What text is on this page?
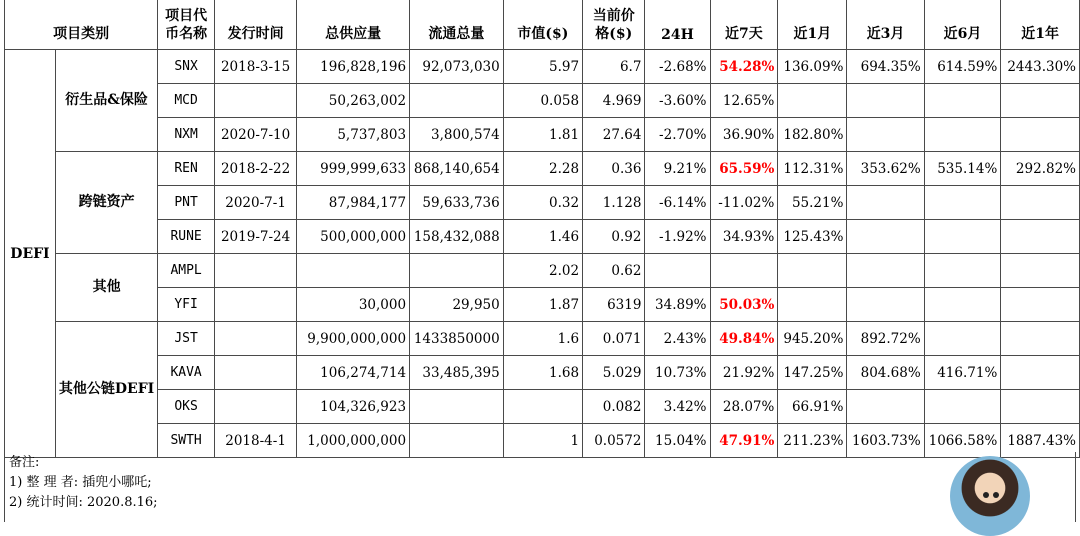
项目类别		项目代币名称	发行时间	总供应量	流通总量	市值($)	当前价格($)	24H	近7天	近1月	近3月	近6月	近1年
DEFI	衍生品&保险	SNX	2018-3-15	196,828,196	92,073,030	5.97	6.7	-2.68%	54.28%	136.09%	694.35%	614.59%	2443.30%
		MCD		50,263,002		0.058	4.969	-3.60%	12.65%				
		NXM	2020-7-10	5,737,803	3,800,574	1.81	27.64	-2.70%	36.90%	182.80%			
	跨链资产	REN	2018-2-22	999,999,633	868,140,654	2.28	0.36	9.21%	65.59%	112.31%	353.62%	535.14%	292.82%
		PNT	2020-7-1	87,984,177	59,633,736	0.32	1.128	-6.14%	-11.02%	55.21%			
		RUNE	2019-7-24	500,000,000	158,432,088	1.46	0.92	-1.92%	34.93%	125.43%			
	其他	AMPL				2.02	0.62						
		YFI		30,000	29,950	1.87	6319	34.89%	50.03%				
	其他公链DEFI	JST		9,900,000,000	1433850000	1.6	0.071	2.43%	49.84%	945.20%	892.72%		
		KAVA		106,274,714	33,485,395	1.68	5.029	10.73%	21.92%	147.25%	804.68%	416.71%	
		OKS		104,326,923			0.082	3.42%	28.07%	66.91%			
		SWTH	2018-4-1	1,000,000,000		1	0.0572	15.04%	47.91%	211.23%	1603.73%	1066.58%	1887.43%
备注:
1) 整 理 者: 插兜小哪吒;
2) 统计时间: 2020.8.16;
